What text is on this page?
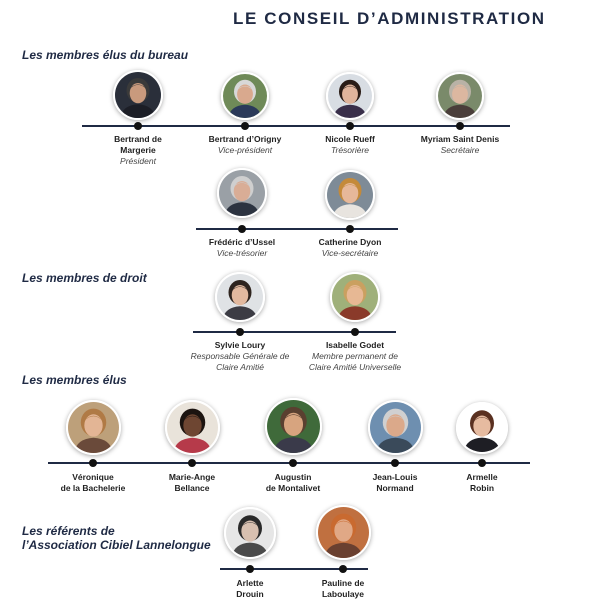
LE CONSEIL D’ADMINISTRATION
Les membres élus du bureau
Les membres de droit
Les membres élus
Les référents de
l’Association Cibiel Lannelongue
Bertrand de
Margerie
Président
Bertrand d’Origny
Vice-président
Nicole Rueff
Trésorière
Myriam Saint Denis
Secrétaire
Frédéric d’Ussel
Vice-trésorier
Catherine Dyon
Vice-secrétaire
Sylvie Loury
Responsable Générale de
Claire Amitié
Isabelle Godet
Membre permanent de
Claire Amitié Universelle
Véronique
de la Bachelerie
Marie-Ange
Bellance
Augustin
de Montalivet
Jean-Louis
Normand
Armelle
Robin
Arlette
Drouin
Pauline de
Laboulaye
